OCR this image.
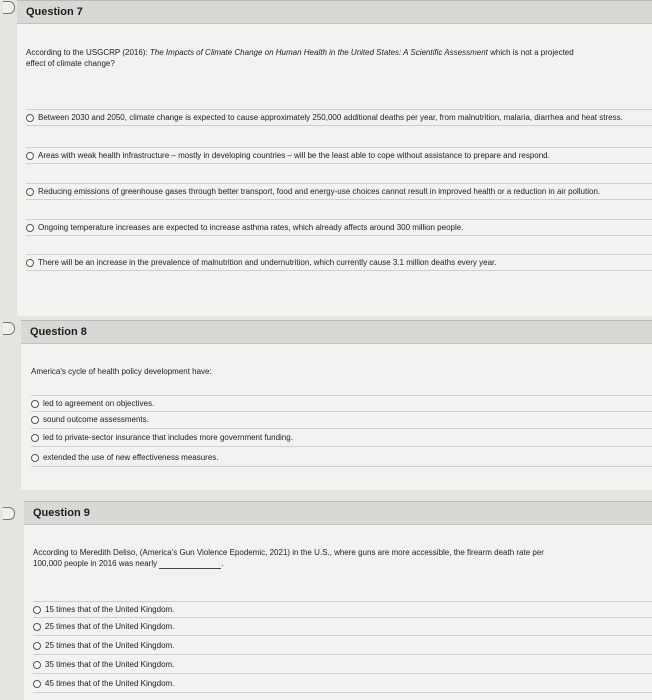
Question 7
According to the USGCRP (2016): The Impacts of Climate Change on Human Health in the United States: A Scientific Assessment which is not a projected effect of climate change?
Between 2030 and 2050, climate change is expected to cause approximately 250,000 additional deaths per year, from malnutrition, malaria, diarrhea and heat stress.
Areas with weak health infrastructure – mostly in developing countries – will be the least able to cope without assistance to prepare and respond.
Reducing emissions of greenhouse gases through better transport, food and energy-use choices cannot result in improved health or a reduction in air pollution.
Ongoing temperature increases are expected to increase asthma rates, which already affects around 300 million people.
There will be an increase in the prevalence of malnutrition and undernutrition, which currently cause 3.1 million deaths every year.
Question 8
America's cycle of health policy development have:
led to agreement on objectives.
sound outcome assessments.
led to private-sector insurance that includes more government funding.
extended the use of new effectiveness measures.
Question 9
According to Meredith Deliso, (America's Gun Violence Epodemic, 2021) in the U.S., where guns are more accessible, the firearm death rate per 100,000 people in 2016 was nearly	.
15 times that of the United Kingdom.
25 times that of the United Kingdom.
25 times that of the United Kingdom.
35 times that of the United Kingdom.
45 times that of the United Kingdom.
